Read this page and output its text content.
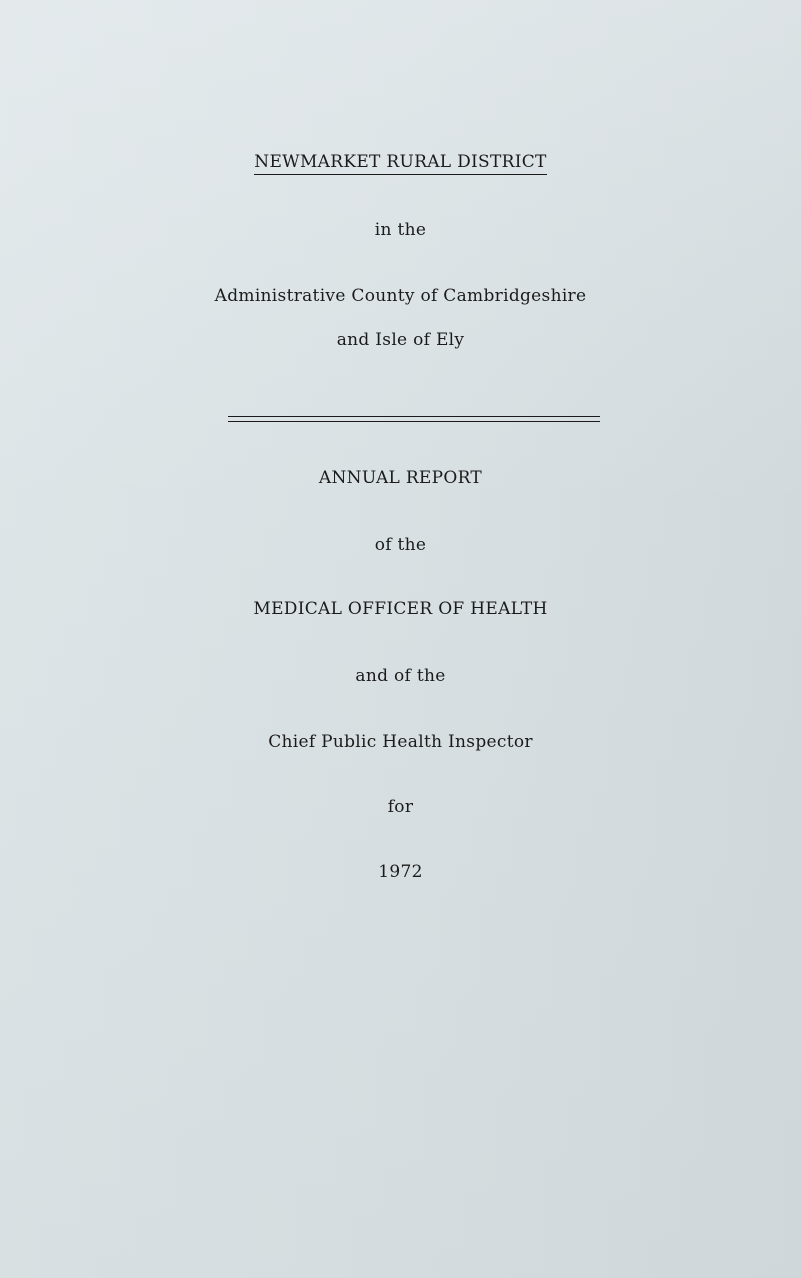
NEWMARKET RURAL DISTRICT
in the
Administrative County of Cambridgeshire
and Isle of Ely
ANNUAL REPORT
of the
MEDICAL OFFICER OF HEALTH
and of the
Chief Public Health Inspector
for
1972
